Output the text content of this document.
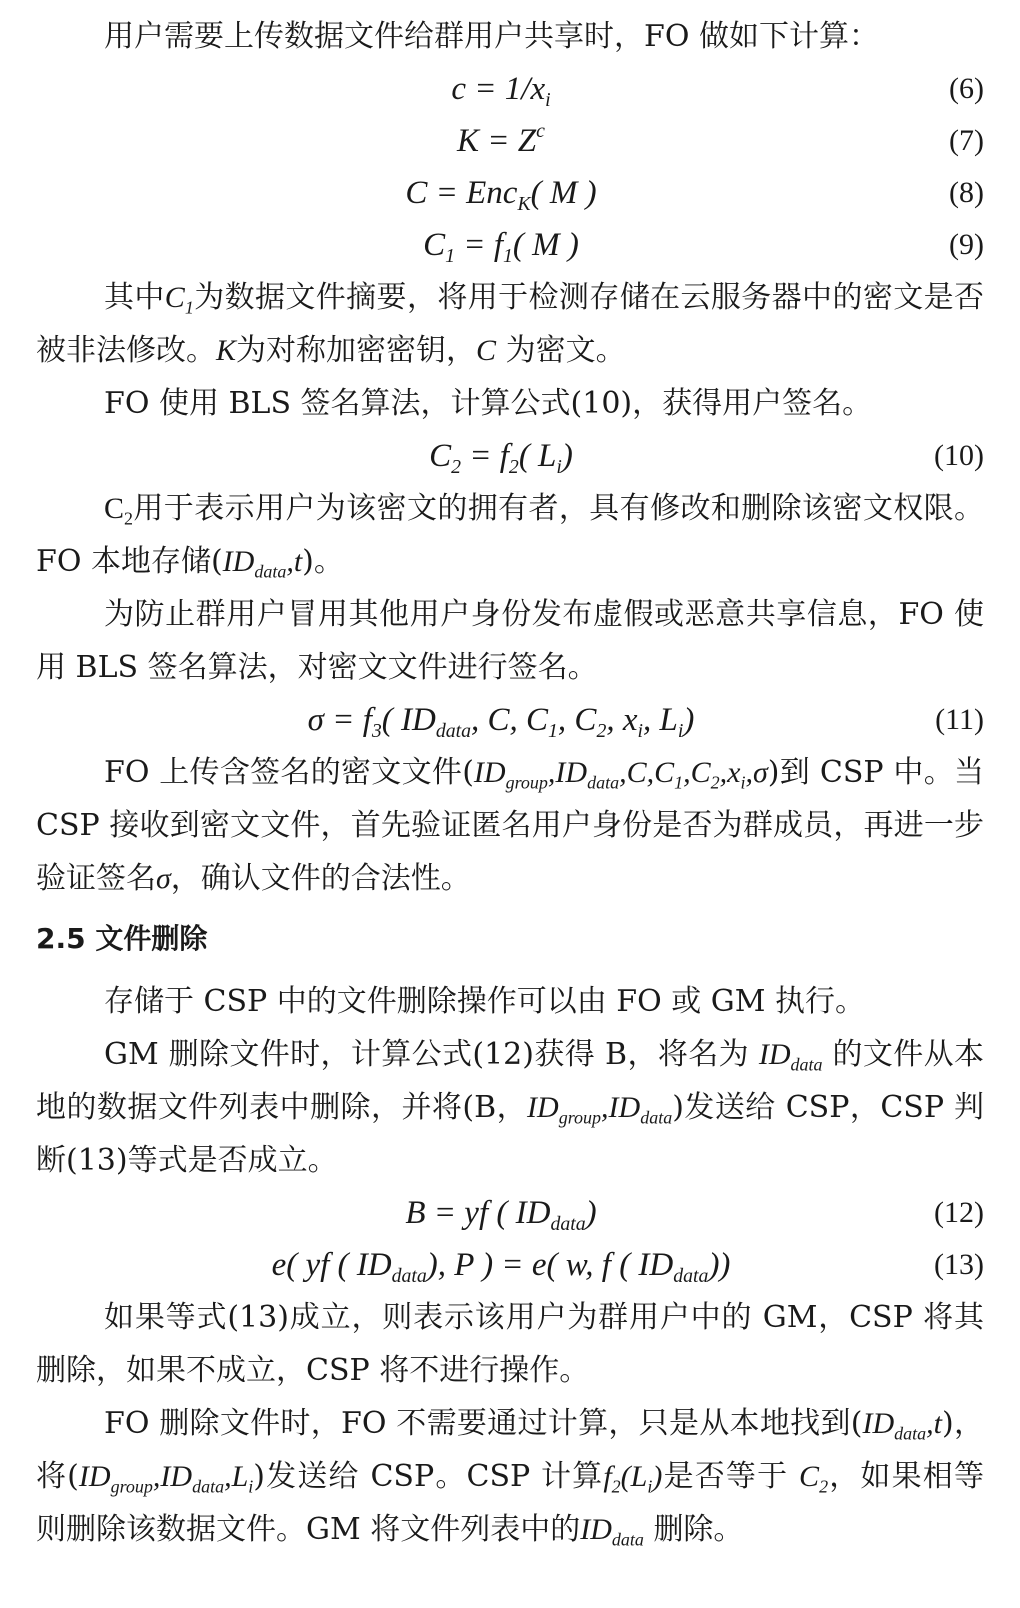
用户需要上传数据文件给群用户共享时，FO 做如下计算：

$c = 1/x_i$	(6)
$K = Z^c$	(7)
C = Enc$_K$( M )	(8)
$C_1 = f_1$( M )	(9)

其中$C_1$为数据文件摘要，将用于检测存储在云服务器中的密文是否被非法修改。K为对称加密密钥，C 为密文。

FO 使用 BLS 签名算法，计算公式(10)，获得用户签名。

$C_2 = f_2$( $L_i$)	(10)

$C_2$用于表示用户为该密文的拥有者，具有修改和删除该密文权限。FO 本地存储$(ID_{data},t)$。

为防止群用户冒用其他用户身份发布虚假或恶意共享信息，FO 使用 BLS 签名算法，对密文文件进行签名。

$\sigma = f_3$( $ID_{data}$, C, $C_1$, $C_2$, $x_i$, $L_i$)	(11)

FO 上传含签名的密文文件$(ID_{group},ID_{data},C,C_1,C_2,x_i,\sigma)$到 CSP 中。当 CSP 接收到密文文件，首先验证匿名用户身份是否为群成员，再进一步验证签名σ，确认文件的合法性。

2.5 文件删除

存储于 CSP 中的文件删除操作可以由 FO 或 GM 执行。

GM 删除文件时，计算公式(12)获得 B，将名为 $ID_{data}$ 的文件从本地的数据文件列表中删除，并将(B，$ID_{group},ID_{data}$)发送给 CSP，CSP 判断(13)等式是否成立。

B = yf ( $ID_{data}$)	(12)
e( yf ( $ID_{data}$), P ) = e( w, f ( $ID_{data}$))	(13)

如果等式(13)成立，则表示该用户为群用户中的 GM，CSP 将其删除，如果不成立，CSP 将不进行操作。

FO 删除文件时，FO 不需要通过计算，只是从本地找到$(ID_{data},t)$，将$(ID_{group},ID_{data},L_i)$发送给 CSP。CSP 计算$f_2(L_i)$是否等于 $C_2$，如果相等则删除该数据文件。GM 将文件列表中的$ID_{data}$ 删除。
